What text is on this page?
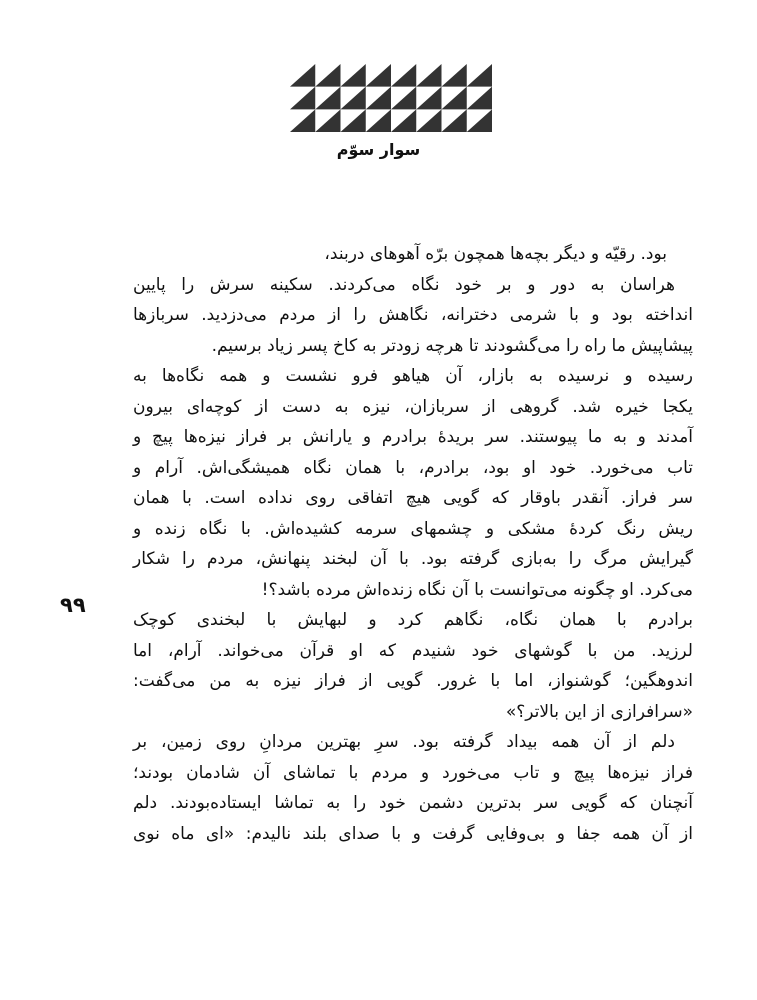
سوار سوّم
۹۹
بود. رقیّه و دیگر بچه‌ها همچون برّه آهوهای دربند،
هراسان به دور و بر خود نگاه می‌کردند. سکینه سرش را پایین
انداخته بود و با شرمی دخترانه، نگاهش را از مردم می‌دزدید. سربازها
پیشاپیش ما راه را می‌گشودند تا هرچه زودتر به کاخ پسر زیاد برسیم.
رسیده و نرسیده به بازار، آن هیاهو فرو نشست و همه نگاه‌ها به
یکجا خیره شد. گروهی از سربازان، نیزه به دست از کوچه‌ای بیرون
آمدند و به ما پیوستند. سر بریدهٔ برادرم و یارانش بر فراز نیزه‌ها پیچ و
تاب می‌خورد. خود او بود، برادرم، با همان نگاه همیشگی‌اش. آرام و
سر فراز. آنقدر باوقار که گویی هیچ اتفاقی روی نداده است. با همان
ریش رنگ کردهٔ مشکی و چشمهای سرمه کشیده‌اش. با نگاه زنده و
گیرایش مرگ را به‌بازی گرفته بود. با آن لبخند پنهانش، مردم را شکار
می‌کرد. او چگونه می‌توانست با آن نگاه زنده‌اش مرده باشد؟!
برادرم با همان نگاه، نگاهم کرد و لبهایش با لبخندی کوچک
لرزید. من با گوشهای خود شنیدم که او قرآن می‌خواند. آرام، اما
اندوهگین؛ گوشنواز، اما با غرور. گویی از فراز نیزه به من می‌گفت:
«سرافرازی از این بالاتر؟»
دلم از آن همه بیداد گرفته بود. سرِ بهترین مردانِ روی زمین، بر
فراز نیزه‌ها پیچ و تاب می‌خورد و مردم با تماشای آن شادمان بودند؛
آنچنان که گویی سر بدترین دشمن خود را به تماشا ایستاده‌بودند. دلم
از آن همه جفا و بی‌وفایی گرفت و با صدای بلند نالیدم: «ای ماه نوی
